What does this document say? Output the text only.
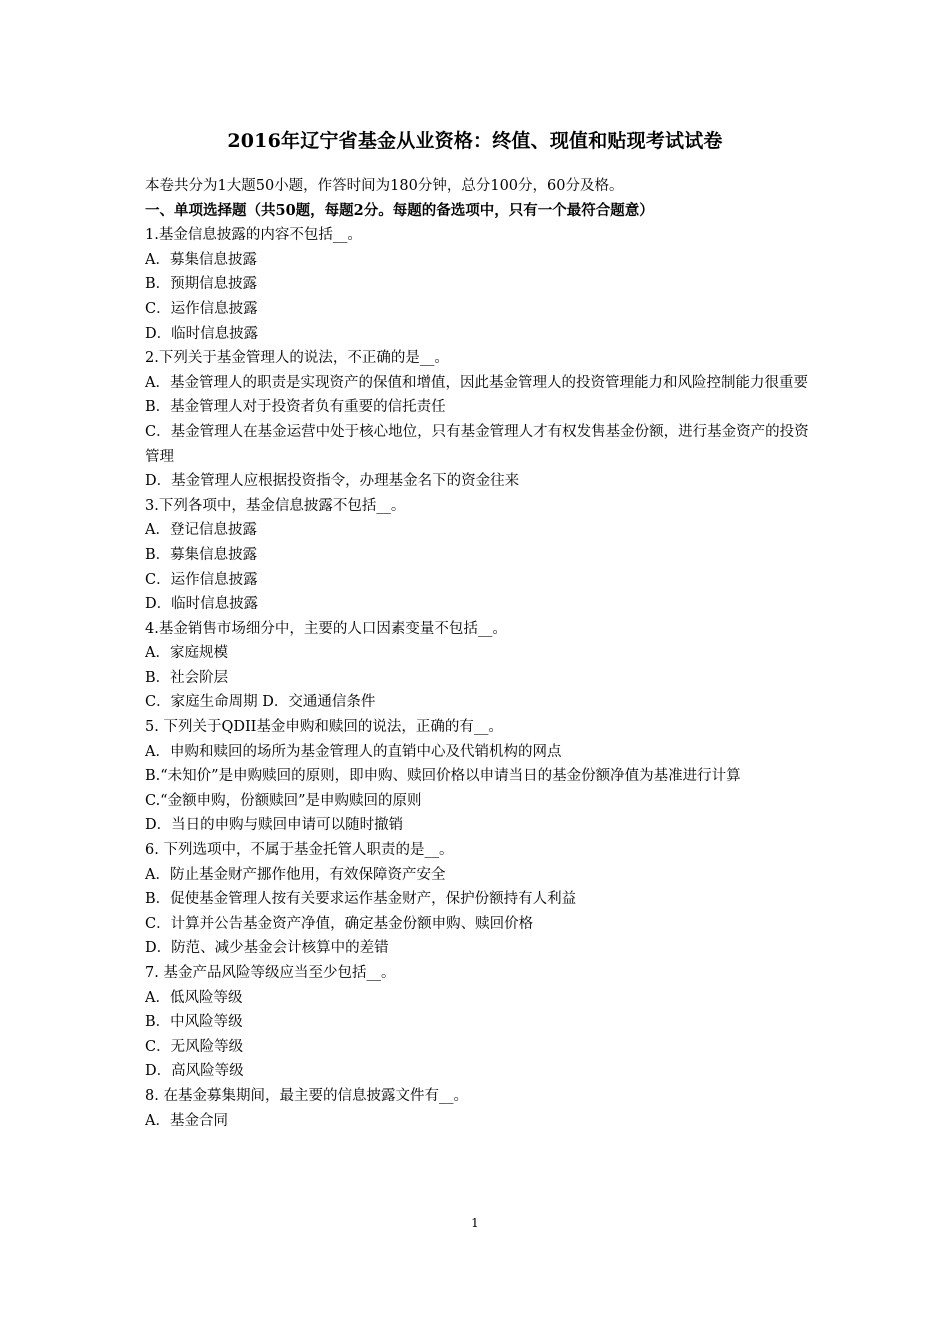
2016年辽宁省基金从业资格：终值、现值和贴现考试试卷
本卷共分为1大题50小题，作答时间为180分钟，总分100分，60分及格。
一、单项选择题（共50题，每题2分。每题的备选项中，只有一个最符合题意）
1.基金信息披露的内容不包括__。
A．募集信息披露
B．预期信息披露
C．运作信息披露
D．临时信息披露
2.下列关于基金管理人的说法，不正确的是__。
A．基金管理人的职责是实现资产的保值和增值，因此基金管理人的投资管理能力和风险控制能力很重要
B．基金管理人对于投资者负有重要的信托责任
C．基金管理人在基金运营中处于核心地位，只有基金管理人才有权发售基金份额，进行基金资产的投资管理
D．基金管理人应根据投资指令，办理基金名下的资金往来
3.下列各项中，基金信息披露不包括__。
A．登记信息披露
B．募集信息披露
C．运作信息披露
D．临时信息披露
4.基金销售市场细分中，主要的人口因素变量不包括__。
A．家庭规模
B．社会阶层
C．家庭生命周期 D．交通通信条件
5. 下列关于QDII基金申购和赎回的说法，正确的有__。
A．申购和赎回的场所为基金管理人的直销中心及代销机构的网点
B.“未知价”是申购赎回的原则，即申购、赎回价格以申请当日的基金份额净值为基准进行计算
C.“金额申购，份额赎回”是申购赎回的原则
D．当日的申购与赎回申请可以随时撤销
6. 下列选项中，不属于基金托管人职责的是__。
A．防止基金财产挪作他用，有效保障资产安全
B．促使基金管理人按有关要求运作基金财产，保护份额持有人利益
C．计算并公告基金资产净值，确定基金份额申购、赎回价格
D．防范、减少基金会计核算中的差错
7. 基金产品风险等级应当至少包括__。
A．低风险等级
B．中风险等级
C．无风险等级
D．高风险等级
8. 在基金募集期间，最主要的信息披露文件有__。
A．基金合同
1
